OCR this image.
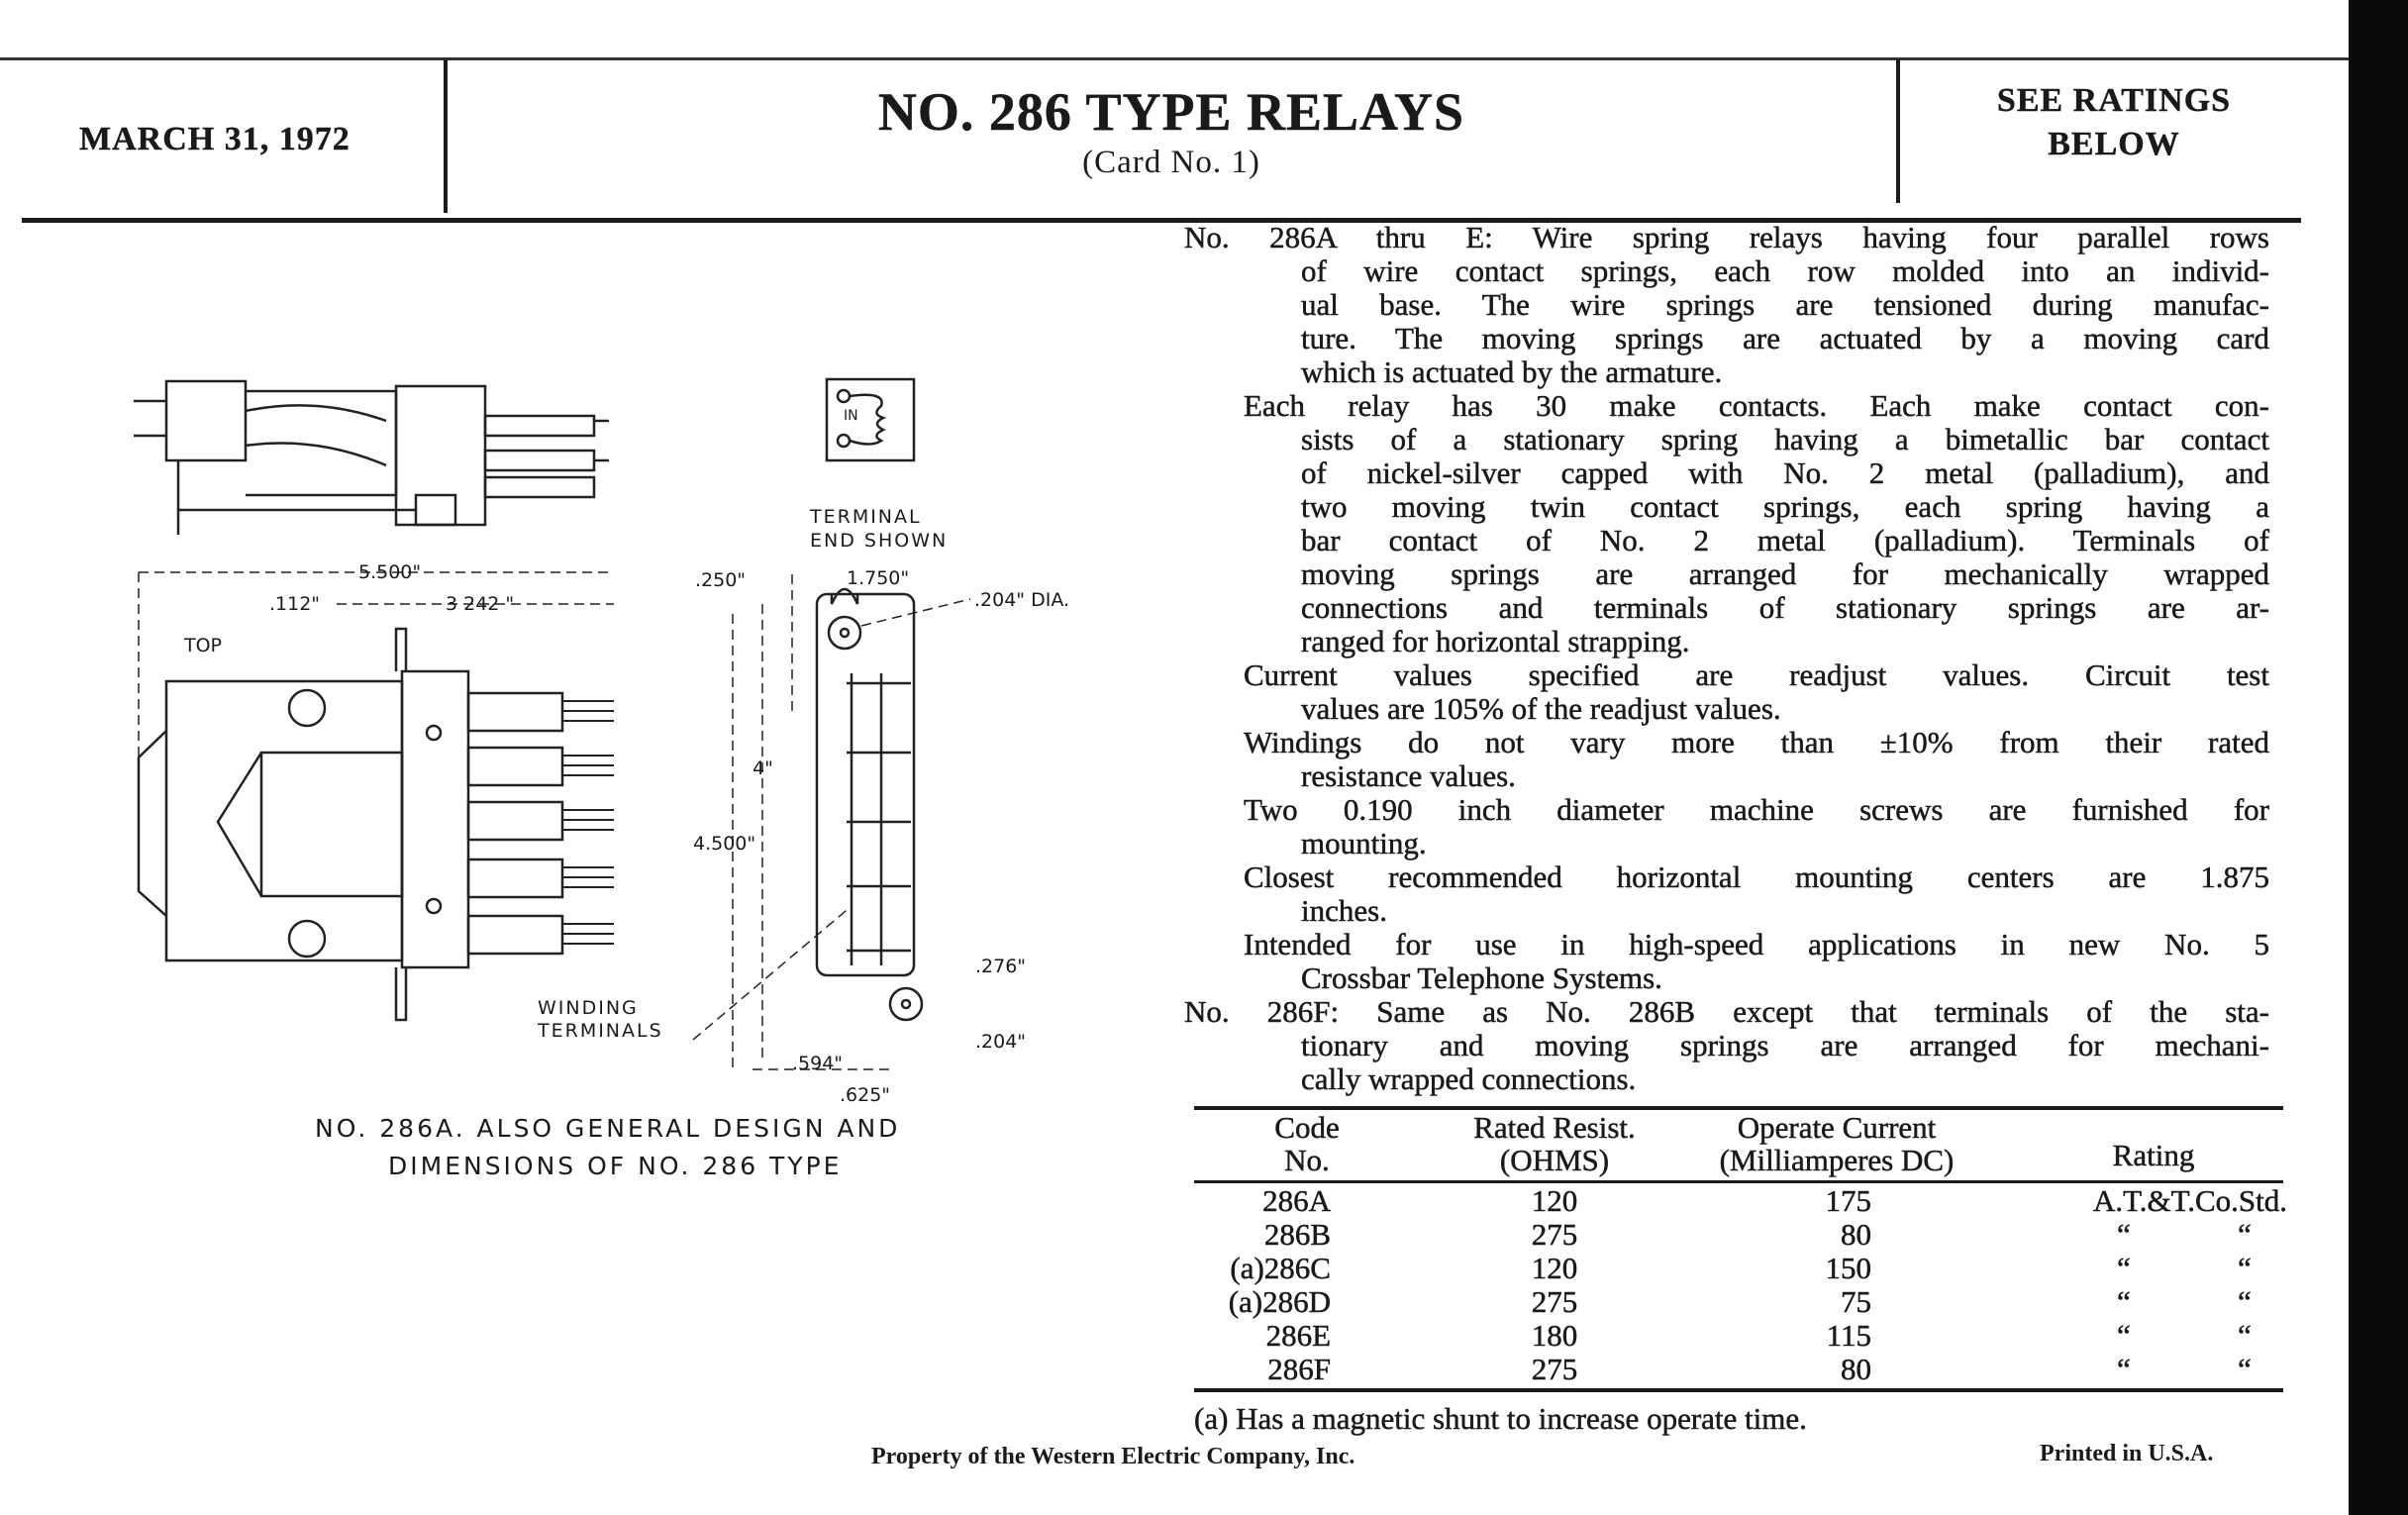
MARCH 31, 1972	NO. 286 TYPE RELAYS
(Card No. 1)
SEE RATINGS
BELOW
5.500"
.112"	3 242 "
TOP
IN
TERMINAL
END SHOWN
.250"	1.750"
.204" DIA.
4"
4.500"
.276"
WINDING
TERMINALS	.204"
.594"
.625"
NO. 286A. ALSO GENERAL DESIGN AND
DIMENSIONS OF NO. 286 TYPE
No. 286A thru E: Wire spring relays having four parallel rows
of wire contact springs, each row molded into an individ-
ual base. The wire springs are tensioned during manufac-
ture. The moving springs are actuated by a moving card
which is actuated by the armature.
Each relay has 30 make contacts. Each make contact con-
sists of a stationary spring having a bimetallic bar contact
of nickel-silver capped with No. 2 metal (palladium), and
two moving twin contact springs, each spring having a
bar contact of No. 2 metal (palladium). Terminals of
moving springs are arranged for mechanically wrapped
connections and terminals of stationary springs are ar-
ranged for horizontal strapping.
Current values specified are readjust values. Circuit test
values are 105% of the readjust values.
Windings do not vary more than ±10% from their rated
resistance values.
Two 0.190 inch diameter machine screws are furnished for
mounting.
Closest recommended horizontal mounting centers are 1.875
inches.
Intended for use in high-speed applications in new No. 5
Crossbar Telephone Systems.
No. 286F: Same as No. 286B except that terminals of the sta-
tionary and moving springs are arranged for mechani-
cally wrapped connections.
Code
No.
Rated Resist.
(OHMS)
Operate Current
(Milliamperes DC)	Rating
286A	120	175	A.T.&T.Co.Std.
286B	275	80	“	“
(a)286C	120	150	“	“
(a)286D	275	75	“	“
286E	180	115	“	“
286F	275	80	“	“
(a) Has a magnetic shunt to increase operate time.
Property of the Western Electric Company, Inc.	Printed in U.S.A.
